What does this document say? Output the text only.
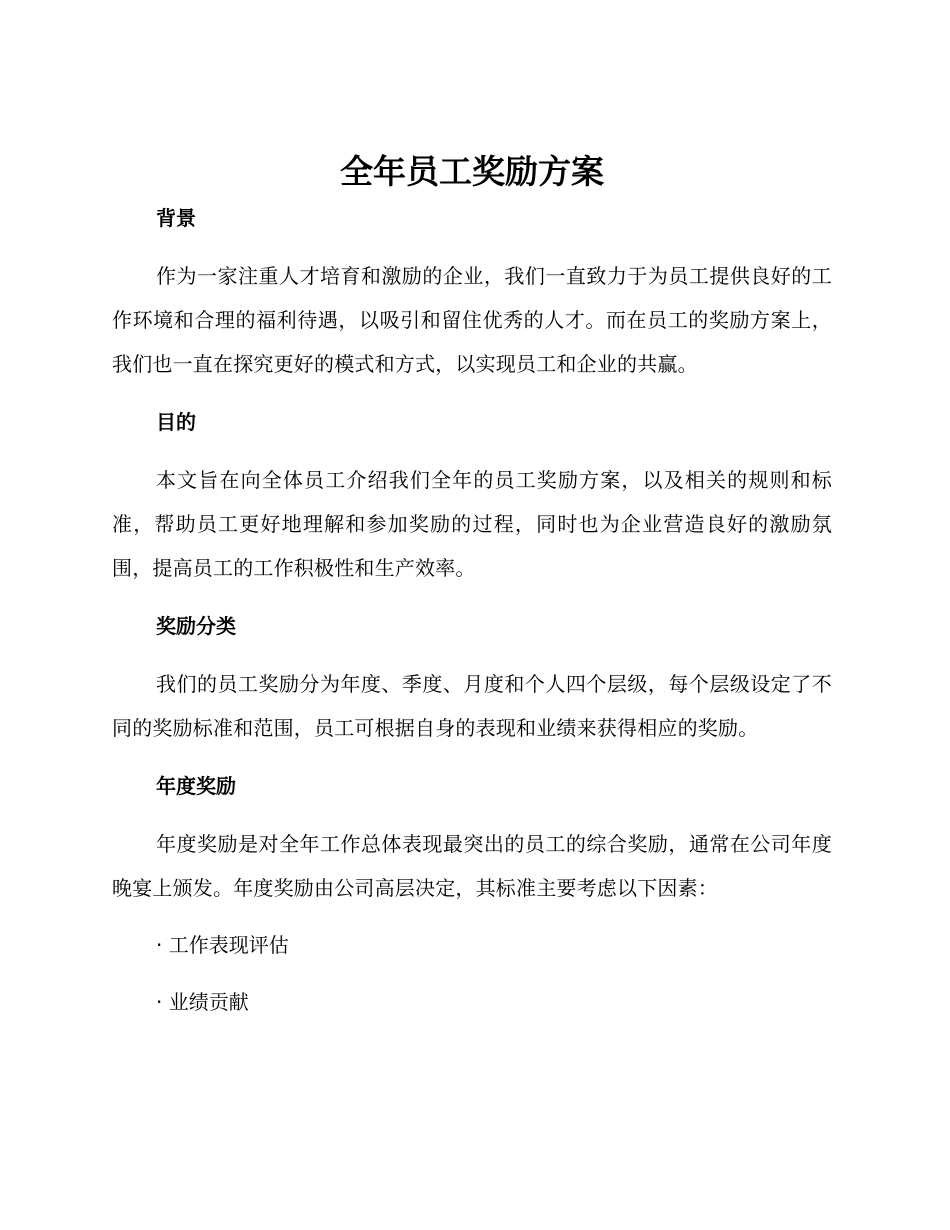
全年员工奖励方案
背景

作为一家注重人才培育和激励的企业，我们一直致力于为员工提供良好的工作环境和合理的福利待遇，以吸引和留住优秀的人才。而在员工的奖励方案上，我们也一直在探究更好的模式和方式，以实现员工和企业的共赢。

目的

本文旨在向全体员工介绍我们全年的员工奖励方案，以及相关的规则和标准，帮助员工更好地理解和参加奖励的过程，同时也为企业营造良好的激励氛围，提高员工的工作积极性和生产效率。

奖励分类

我们的员工奖励分为年度、季度、月度和个人四个层级，每个层级设定了不同的奖励标准和范围，员工可根据自身的表现和业绩来获得相应的奖励。

年度奖励

年度奖励是对全年工作总体表现最突出的员工的综合奖励，通常在公司年度晚宴上颁发。年度奖励由公司高层决定，其标准主要考虑以下因素：

· 工作表现评估

· 业绩贡献
